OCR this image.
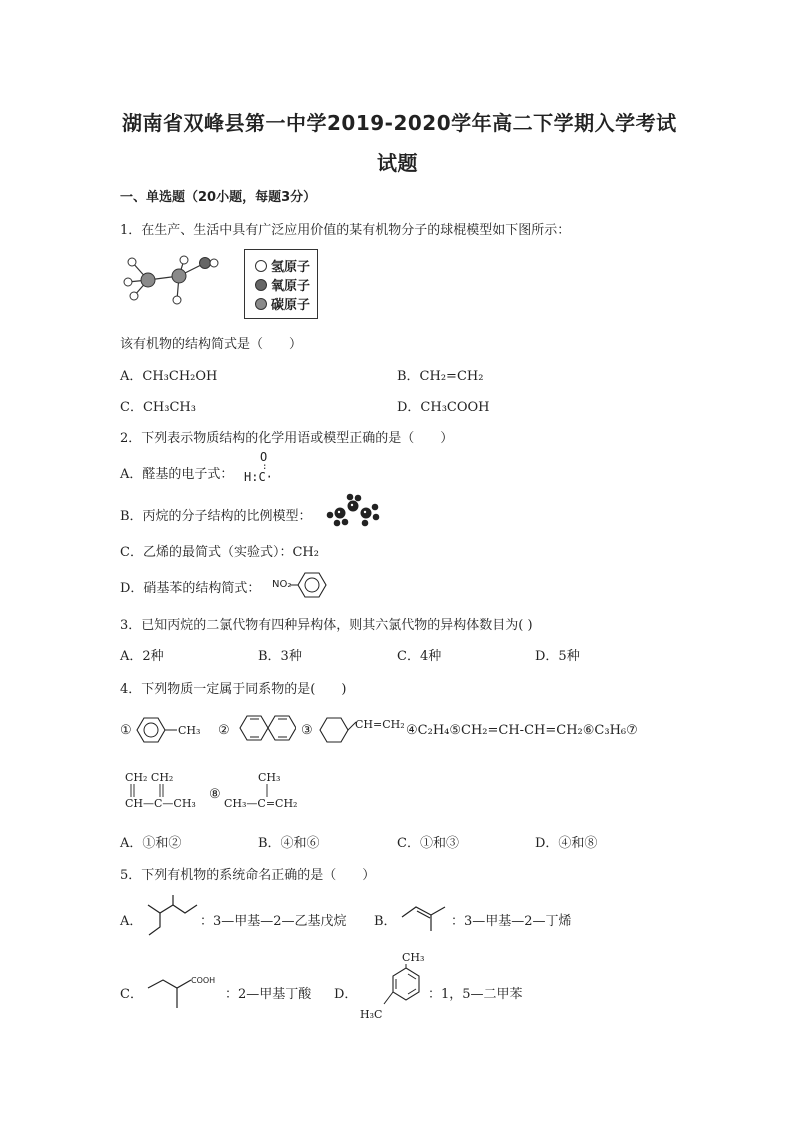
湖南省双峰县第一中学2019-2020学年高二下学期入学考试
试题
一、单选题（20小题，每题3分）
1．在生产、生活中具有广泛应用价值的某有机物分子的球棍模型如下图所示：
氢原子
氧原子
碳原子
该有机物的结构简式是（　　）
A．CH₃CH₂OH	B．CH₂=CH₂
C．CH₃CH₃	D．CH₃COOH
2．下列表示物质结构的化学用语或模型正确的是（　　）
A．醛基的电子式：
O
:
H:C·
B．丙烷的分子结构的比例模型：
C．乙烯的最简式（实验式）：CH₂
D．硝基苯的结构简式： NO₂
3．已知丙烷的二氯代物有四种异构体，则其六氯代物的异构体数目为( )
A．2种	B．3种	C．4种	D．5种
4．下列物质一定属于同系物的是(　　)
①	CH₃ ②	③	CH=CH₂ ④C₂H₄⑤CH₂=CH-CH=CH₂⑥C₃H₆⑦
CH₂ CH₂
CH—C—CH₃
⑧
CH₃
CH₃—C=CH₂
A．①和②	B．④和⑥	C．①和③	D．④和⑧
5．下列有机物的系统命名正确的是（　　）
A．	：3—甲基—2—乙基戊烷 B．	：3—甲基—2—丁烯
C．
COOH
：2—甲基丁酸 D．
CH₃
H₃C
：1，5—二甲苯
